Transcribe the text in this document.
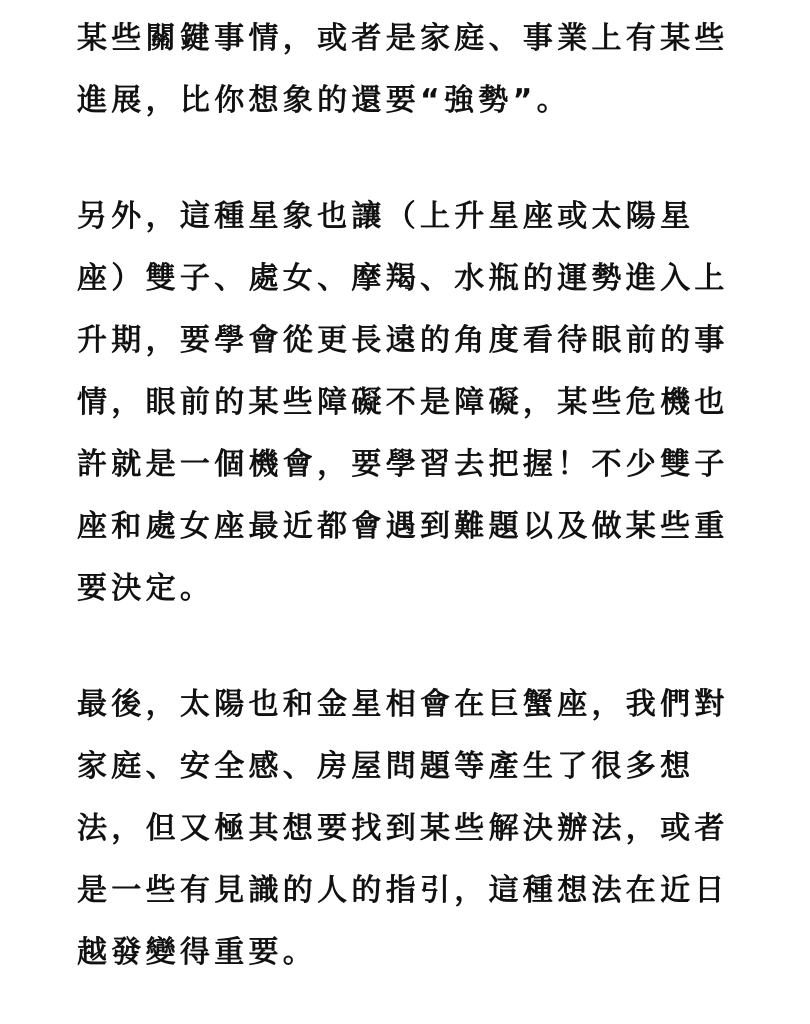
某些關鍵事情，或者是家庭、事業上有某些
進展，比你想象的還要“強勢”。
另外，這種星象也讓（上升星座或太陽星
座）雙子、處女、摩羯、水瓶的運勢進入上
升期，要學會從更長遠的角度看待眼前的事
情，眼前的某些障礙不是障礙，某些危機也
許就是一個機會，要學習去把握！不少雙子
座和處女座最近都會遇到難題以及做某些重
要決定。
最後，太陽也和金星相會在巨蟹座，我們對
家庭、安全感、房屋問題等產生了很多想
法，但又極其想要找到某些解決辦法，或者
是一些有見識的人的指引，這種想法在近日
越發變得重要。
